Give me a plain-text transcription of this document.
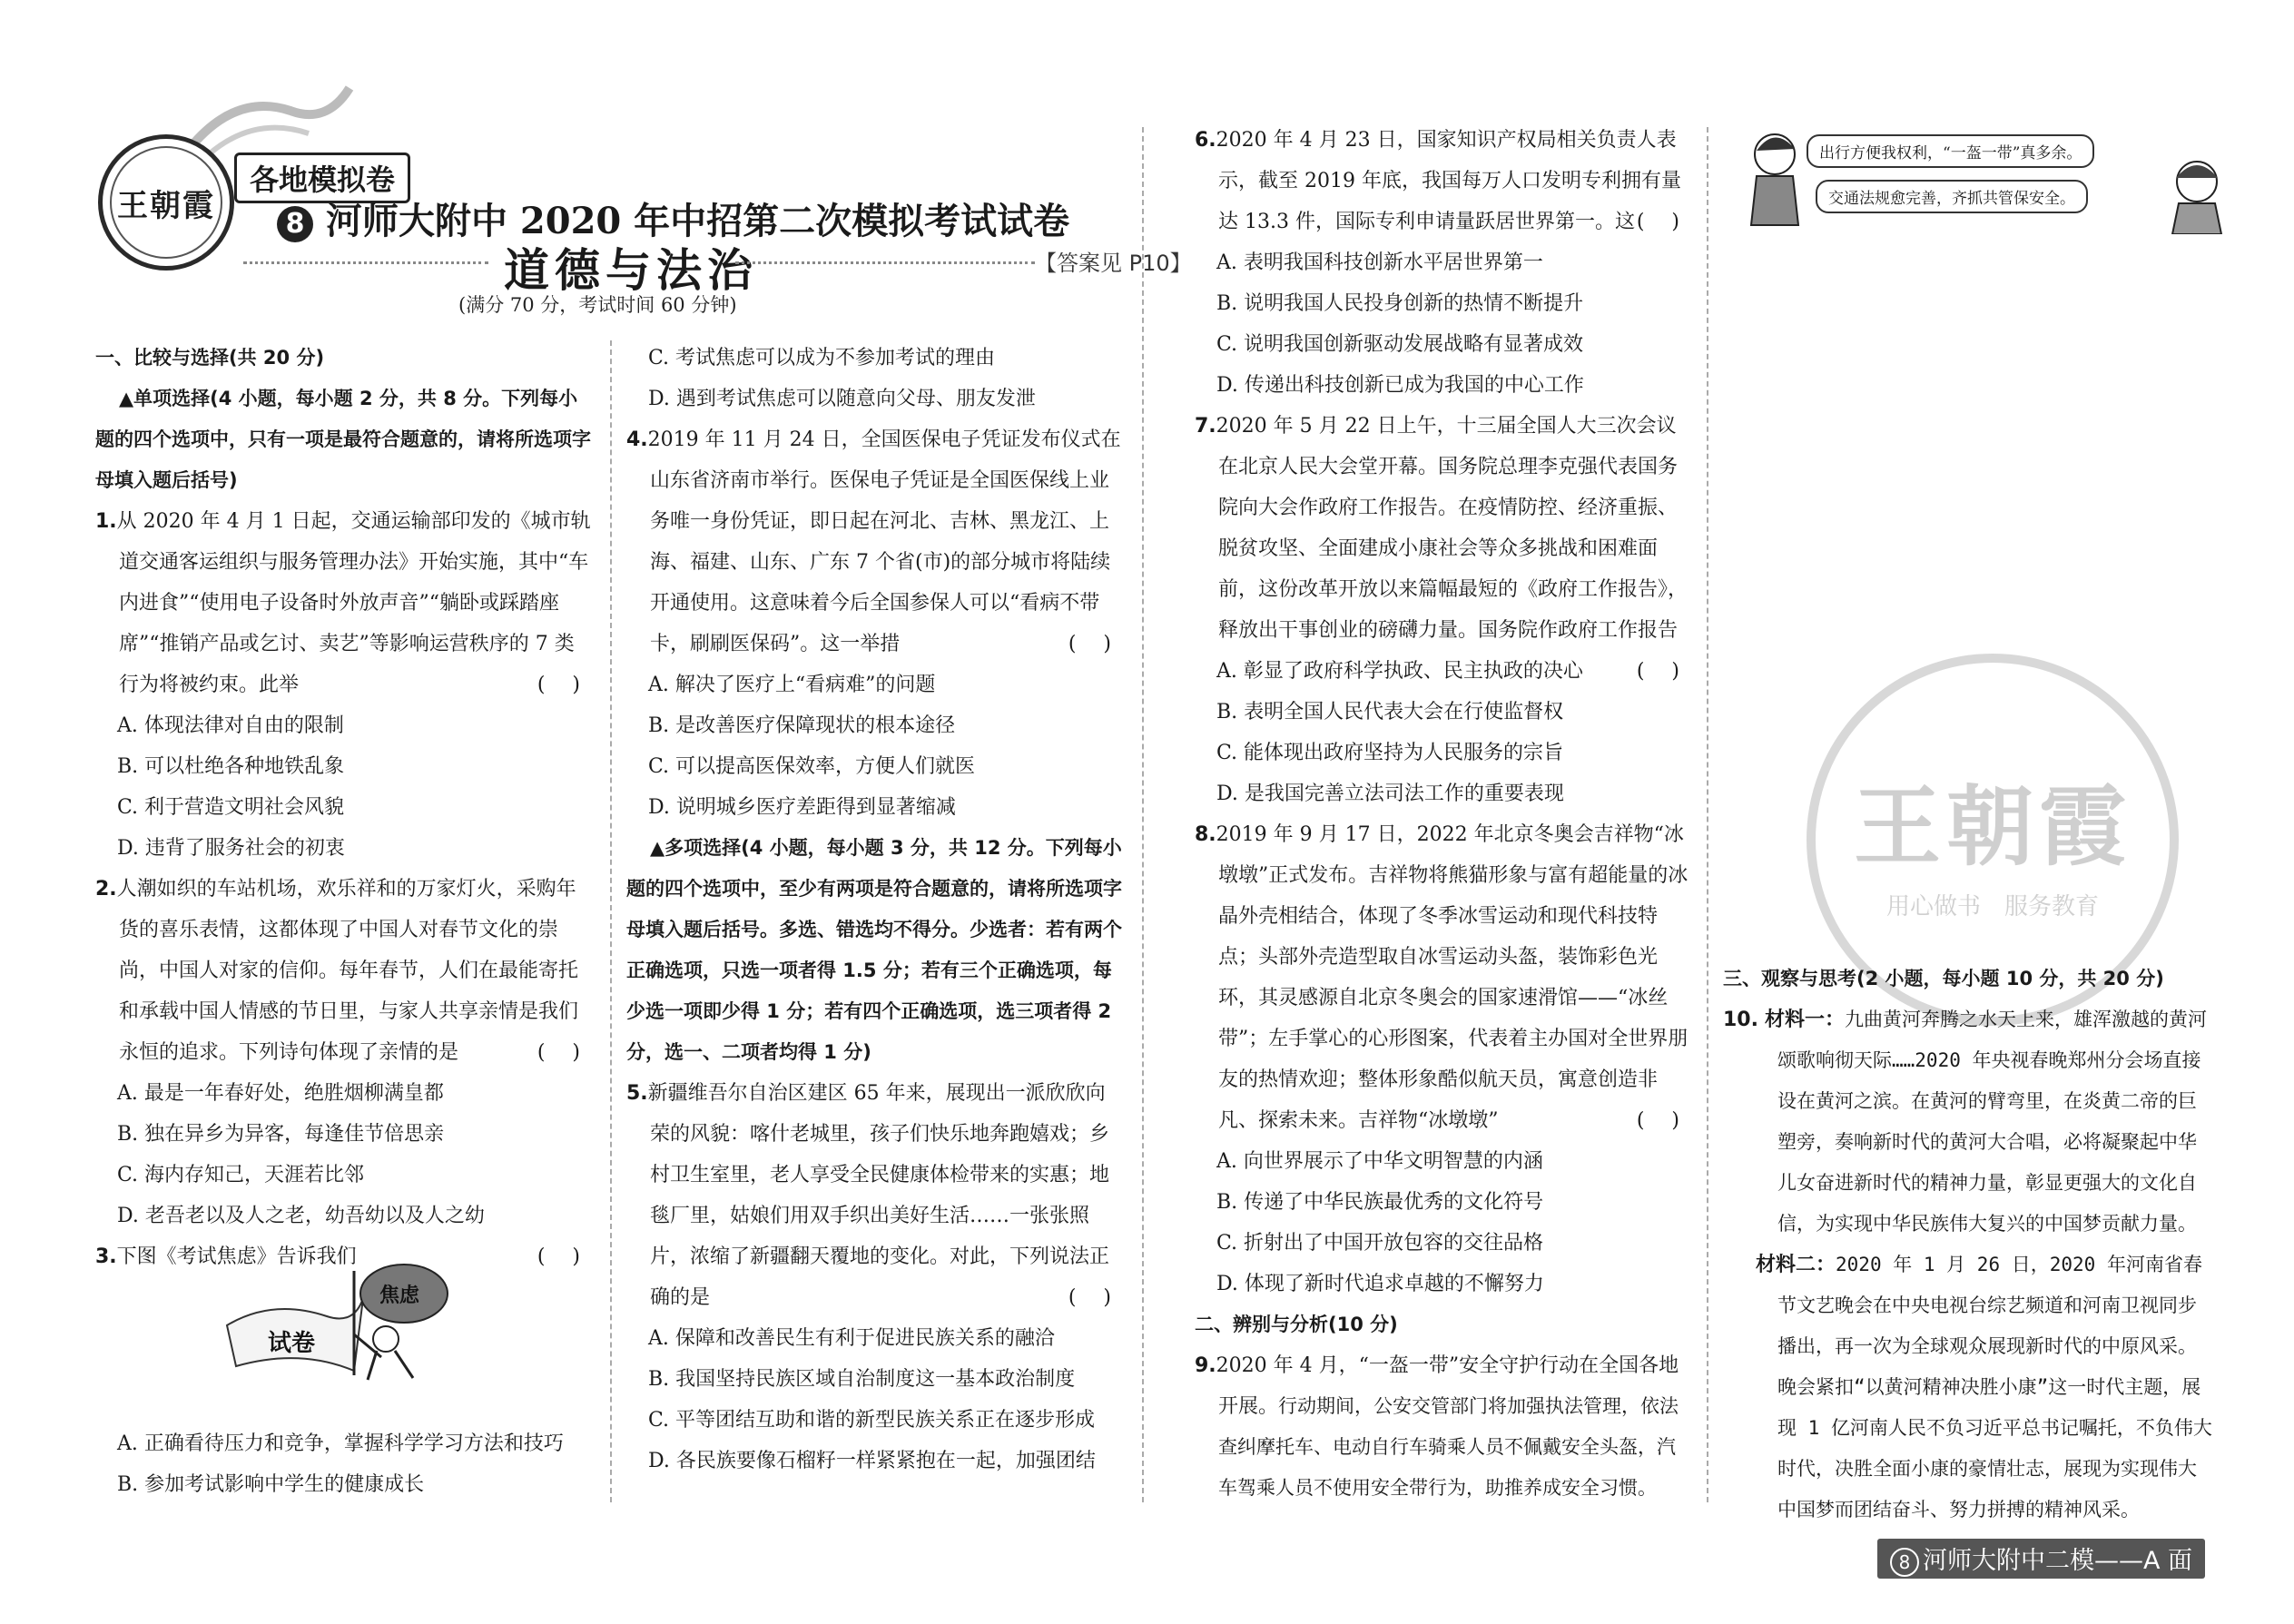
王朝霞
各地模拟卷
8 河师大附中 2020 年中招第二次模拟考试试卷
道德与法治	【答案见 P10】
(满分 70 分，考试时间 60 分钟)

一、比较与选择(共 20 分)

▲单项选择(4 小题，每小题 2 分，共 8 分。下列每小题的四个选项中，只有一项是最符合题意的，请将所选项字母填入题后括号)

1.从 2020 年 4 月 1 日起，交通运输部印发的《城市轨道交通客运组织与服务管理办法》开始实施，其中“车内进食”“使用电子设备时外放声音”“躺卧或踩踏座席”“推销产品或乞讨、卖艺”等影响运营秩序的 7 类行为将被约束。此举	(　)

A. 体现法律对自由的限制

B. 可以杜绝各种地铁乱象

C. 利于营造文明社会风貌

D. 违背了服务社会的初衷

2.人潮如织的车站机场，欢乐祥和的万家灯火，采购年货的喜乐表情，这都体现了中国人对春节文化的崇尚，中国人对家的信仰。每年春节，人们在最能寄托和承载中国人情感的节日里，与家人共享亲情是我们永恒的追求。下列诗句体现了亲情的是	(　)

A. 最是一年春好处，绝胜烟柳满皇都

B. 独在异乡为异客，每逢佳节倍思亲

C. 海内存知己，天涯若比邻

D. 老吾老以及人之老，幼吾幼以及人之幼

3.下图《考试焦虑》告诉我们	(　)

试卷
焦虑

A. 正确看待压力和竞争，掌握科学学习方法和技巧

B. 参加考试影响中学生的健康成长

C. 考试焦虑可以成为不参加考试的理由

D. 遇到考试焦虑可以随意向父母、朋友发泄

4.2019 年 11 月 24 日，全国医保电子凭证发布仪式在山东省济南市举行。医保电子凭证是全国医保线上业务唯一身份凭证，即日起在河北、吉林、黑龙江、上海、福建、山东、广东 7 个省(市)的部分城市将陆续开通使用。这意味着今后全国参保人可以“看病不带卡，刷刷医保码”。这一举措	(　)

A. 解决了医疗上“看病难”的问题

B. 是改善医疗保障现状的根本途径

C. 可以提高医保效率，方便人们就医

D. 说明城乡医疗差距得到显著缩减

▲多项选择(4 小题，每小题 3 分，共 12 分。下列每小题的四个选项中，至少有两项是符合题意的，请将所选项字母填入题后括号。多选、错选均不得分。少选者：若有两个正确选项，只选一项者得 1.5 分；若有三个正确选项，每少选一项即少得 1 分；若有四个正确选项，选三项者得 2 分，选一、二项者均得 1 分)

5.新疆维吾尔自治区建区 65 年来，展现出一派欣欣向荣的风貌：喀什老城里，孩子们快乐地奔跑嬉戏；乡村卫生室里，老人享受全民健康体检带来的实惠；地毯厂里，姑娘们用双手织出美好生活……一张张照片，浓缩了新疆翻天覆地的变化。对此，下列说法正确的是	(　)

A. 保障和改善民生有利于促进民族关系的融洽

B. 我国坚持民族区域自治制度这一基本政治制度

C. 平等团结互助和谐的新型民族关系正在逐步形成

D. 各民族要像石榴籽一样紧紧抱在一起，加强团结

6.2020 年 4 月 23 日，国家知识产权局相关负责人表示，截至 2019 年底，我国每万人口发明专利拥有量达 13.3 件，国际专利申请量跃居世界第一。这 (　)

A. 表明我国科技创新水平居世界第一

B. 说明我国人民投身创新的热情不断提升

C. 说明我国创新驱动发展战略有显著成效

D. 传递出科技创新已成为我国的中心工作

7.2020 年 5 月 22 日上午，十三届全国人大三次会议在北京人民大会堂开幕。国务院总理李克强代表国务院向大会作政府工作报告。在疫情防控、经济重振、脱贫攻坚、全面建成小康社会等众多挑战和困难面前，这份改革开放以来篇幅最短的《政府工作报告》，释放出干事创业的磅礴力量。国务院作政府工作报告
(　)

A. 彰显了政府科学执政、民主执政的决心

B. 表明全国人民代表大会在行使监督权

C. 能体现出政府坚持为人民服务的宗旨

D. 是我国完善立法司法工作的重要表现

8.2019 年 9 月 17 日，2022 年北京冬奥会吉祥物“冰墩墩”正式发布。吉祥物将熊猫形象与富有超能量的冰晶外壳相结合，体现了冬季冰雪运动和现代科技特点；头部外壳造型取自冰雪运动头盔，装饰彩色光环，其灵感源自北京冬奥会的国家速滑馆——“冰丝带”；左手掌心的心形图案，代表着主办国对全世界朋友的热情欢迎；整体形象酷似航天员，寓意创造非凡、探索未来。吉祥物“冰墩墩”	(　)

A. 向世界展示了中华文明智慧的内涵

B. 传递了中华民族最优秀的文化符号

C. 折射出了中国开放包容的交往品格

D. 体现了新时代追求卓越的不懈努力

二、辨别与分析(10 分)

9.2020 年 4 月，“一盔一带”安全守护行动在全国各地开展。行动期间，公安交管部门将加强执法管理，依法查纠摩托车、电动自行车骑乘人员不佩戴安全头盔，汽车驾乘人员不使用安全带行为，助推养成安全习惯。

出行方便我权利，“一盔一带”真多余。
交通法规愈完善，齐抓共管保安全。
王朝霞
用心做书　服务教育

三、观察与思考(2 小题，每小题 10 分，共 20 分)

10. 材料一：九曲黄河奔腾之水天上来，雄浑激越的黄河颂歌响彻天际……2020 年央视春晚郑州分会场直接设在黄河之滨。在黄河的臂弯里，在炎黄二帝的巨塑旁，奏响新时代的黄河大合唱，必将凝聚起中华儿女奋进新时代的精神力量，彰显更强大的文化自信，为实现中华民族伟大复兴的中国梦贡献力量。

材料二：2020 年 1 月 26 日，2020 年河南省春节文艺晚会在中央电视台综艺频道和河南卫视同步播出，再一次为全球观众展现新时代的中原风采。晚会紧扣“以黄河精神决胜小康”这一时代主题，展现 1 亿河南人民不负习近平总书记嘱托，不负伟大时代，决胜全面小康的豪情壮志，展现为实现伟大中国梦而团结奋斗、努力拼搏的精神风采。

8 河师大附中二模——A 面
